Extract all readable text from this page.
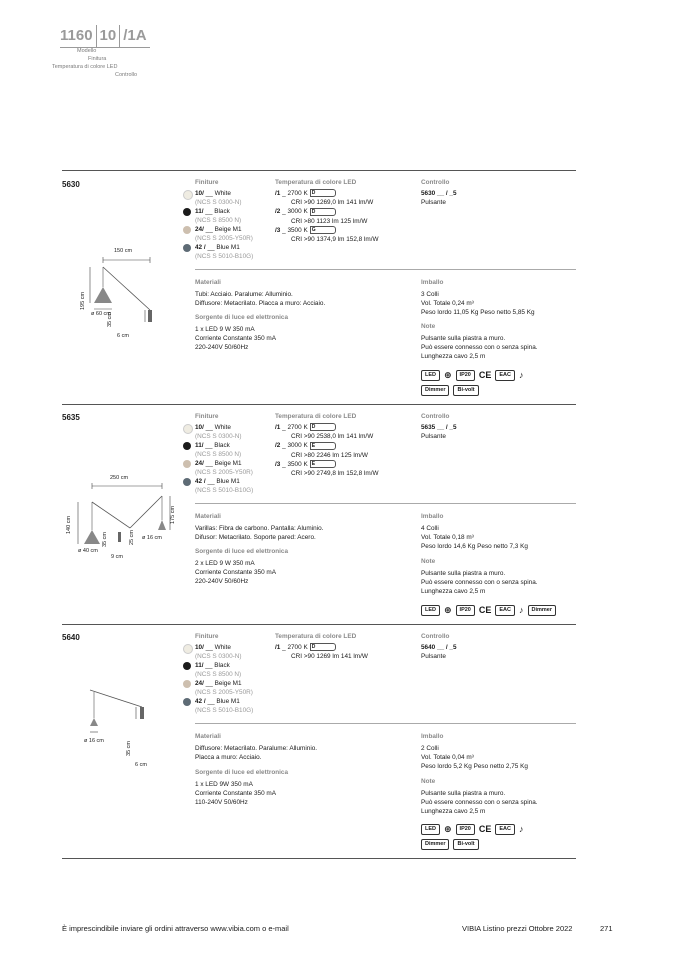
1160 10 /1A
Modello
Finitura
Temperatura di colore LED
Controllo
5630	Finiture
10/ __ White
(NCS S 0300-N)
11/ __ Black
(NCS S 8500 N)
24/ __ Beige M1
(NCS S 2005-Y50R)
42 / __ Blue M1
(NCS S 5010-B10G)
Temperatura di colore LED
/1 _ 2700 K D
CRI >90 1269,0 lm 141 lm/W
/2 _ 3000 K D
CRI >80 1123 lm 125 lm/W
/3 _ 3500 K G
CRI >90 1374,9 lm 152,8 lm/W
Controllo
5630 __ / _5
Pulsante
Materiali
Tubi: Acciaio. Paralume: Alluminio.
Diffusore: Metacrilato. Placca a muro: Acciaio.
Sorgente di luce ed elettronica
1 x LED 9 W 350 mA
Corriente Constante 350 mA
220-240V 50/60Hz
Imballo
3 Colli
Vol. Totale 0,24 m³
Peso lordo 11,05 Kg Peso netto 5,85 Kg
Note
Pulsante sulla piastra a muro.
Può essere connesso con o senza spina.
Lunghezza cavo 2,5 m
LED ⊕	IP20 CE	EAC ♪
Dimmer	Bi-volt
150 cm
195 cm
ø 60 cm
35 cm
6 cm
5635	Finiture
10/ __ White
(NCS S 0300-N)
11/ __ Black
(NCS S 8500 N)
24/ __ Beige M1
(NCS S 2005-Y50R)
42 / __ Blue M1
(NCS S 5010-B10G)
Temperatura di colore LED
/1 _ 2700 K D
CRI >90 2538,0 lm 141 lm/W
/2 _ 3000 K E
CRI >80 2246 lm 125 lm/W
/3 _ 3500 K E
CRI >90 2749,8 lm 152,8 lm/W
Controllo
5635 __ / _5
Pulsante
Materiali
Varillas: Fibra de carbono. Pantalla: Aluminio.
Difusor: Metacrilato. Soporte pared: Acero.
Sorgente di luce ed elettronica
2 x LED 9 W 350 mA
Corriente Constante 350 mA
220-240V 50/60Hz
Imballo
4 Colli
Vol. Totale 0,18 m³
Peso lordo 14,6 Kg Peso netto 7,3 Kg
Note
Pulsante sulla piastra a muro.
Può essere connesso con o senza spina.
Lunghezza cavo 2,5 m
LED ⊕	IP20 CE	EAC ♪	Dimmer
250 cm
140 cm
175 cm
ø 40 cm
35 cm	25 cm ø 16 cm
9 cm
5640	Finiture
10/ __ White
(NCS S 0300-N)
11/ __ Black
(NCS S 8500 N)
24/ __ Beige M1
(NCS S 2005-Y50R)
42 / __ Blue M1
(NCS S 5010-B10G)
Temperatura di colore LED
/1 _ 2700 K D
CRI >90 1269 lm 141 lm/W
Controllo
5640 __ / _5
Pulsante
Materiali
Diffusore: Metacrilato. Paralume: Alluminio.
Placca a muro: Acciaio.
Sorgente di luce ed elettronica
1 x LED 9W 350 mA
Corriente Constante 350 mA
110-240V 50/60Hz
Imballo
2 Colli
Vol. Totale 0,04 m³
Peso lordo 5,2 Kg Peso netto 2,75 Kg
Note
Pulsante sulla piastra a muro.
Può essere connesso con o senza spina.
Lunghezza cavo 2,5 m
LED ⊕	IP20 CE	EAC ♪
Dimmer	Bi-volt
ø 16 cm
35 cm
6 cm
È imprescindibile inviare gli ordini attraverso www.vibia.com o e-mail	VIBIA Listino prezzi Ottobre 2022	271
